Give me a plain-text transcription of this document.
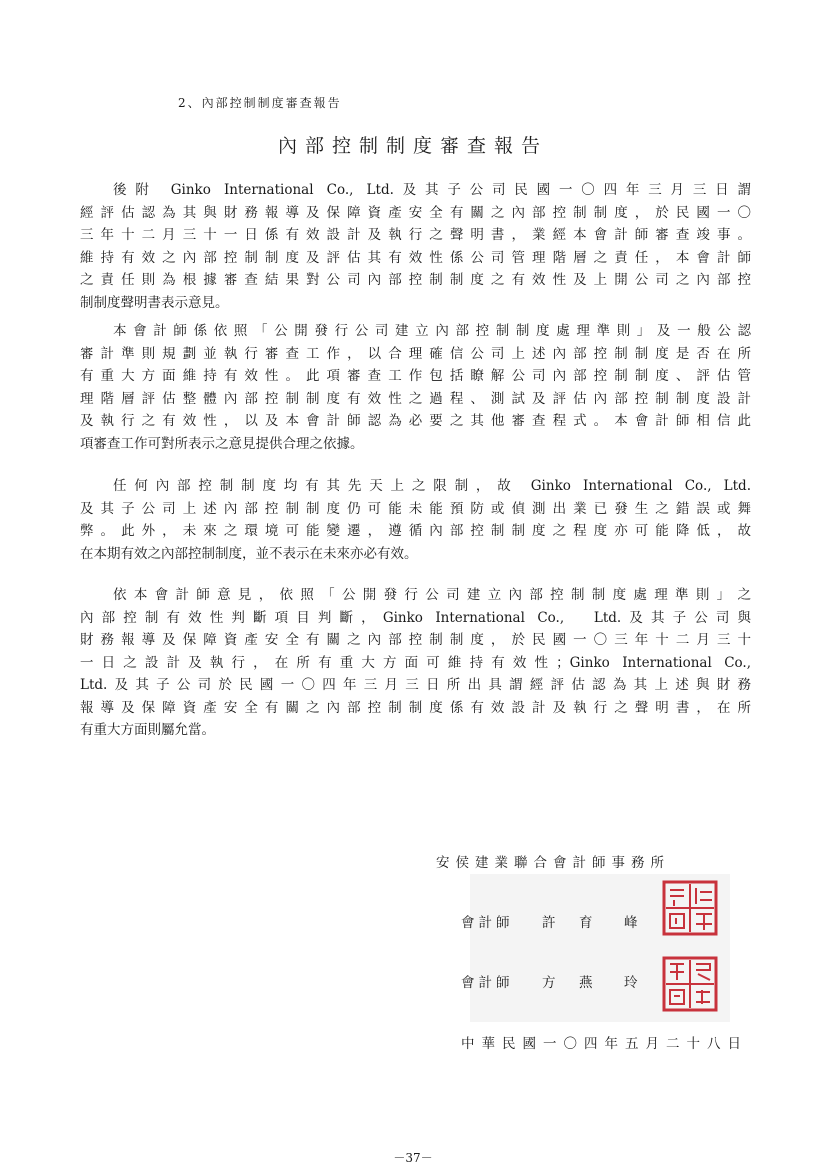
2、內部控制制度審查報告
內部控制制度審查報告
後附 Ginko International Co., Ltd.及其子公司民國一〇四年三月三日謂
經評估認為其與財務報導及保障資產安全有關之內部控制制度，於民國一〇
三年十二月三十一日係有效設計及執行之聲明書，業經本會計師審查竣事。
維持有效之內部控制制度及評估其有效性係公司管理階層之責任，本會計師
之責任則為根據審查結果對公司內部控制制度之有效性及上開公司之內部控
制制度聲明書表示意見。
本會計師係依照「公開發行公司建立內部控制制度處理準則」及一般公認
審計準則規劃並執行審查工作，以合理確信公司上述內部控制制度是否在所
有重大方面維持有效性。此項審查工作包括瞭解公司內部控制制度、評估管
理階層評估整體內部控制制度有效性之過程、測試及評估內部控制制度設計
及執行之有效性，以及本會計師認為必要之其他審查程式。本會計師相信此
項審查工作可對所表示之意見提供合理之依據。
任何內部控制制度均有其先天上之限制，故 Ginko International Co., Ltd.
及其子公司上述內部控制制度仍可能未能預防或偵測出業已發生之錯誤或舞
弊。此外，未來之環境可能變遷，遵循內部控制制度之程度亦可能降低，故
在本期有效之內部控制制度，並不表示在未來亦必有效。
依本會計師意見，依照「公開發行公司建立內部控制制度處理準則」之
內部控制有效性判斷項目判斷，Ginko International Co.,　Ltd.及其子公司與
財務報導及保障資產安全有關之內部控制制度，於民國一〇三年十二月三十
一日之設計及執行，在所有重大方面可維持有效性；Ginko International Co.,
Ltd.及其子公司於民國一〇四年三月三日所出具謂經評估認為其上述與財務
報導及保障資產安全有關之內部控制制度係有效設計及執行之聲明書，在所
有重大方面則屬允當。
安侯建業聯合會計師事務所
會計師 許 育 峰
會計師 方 燕 玲
中華民國一〇四年五月二十八日
－37－
